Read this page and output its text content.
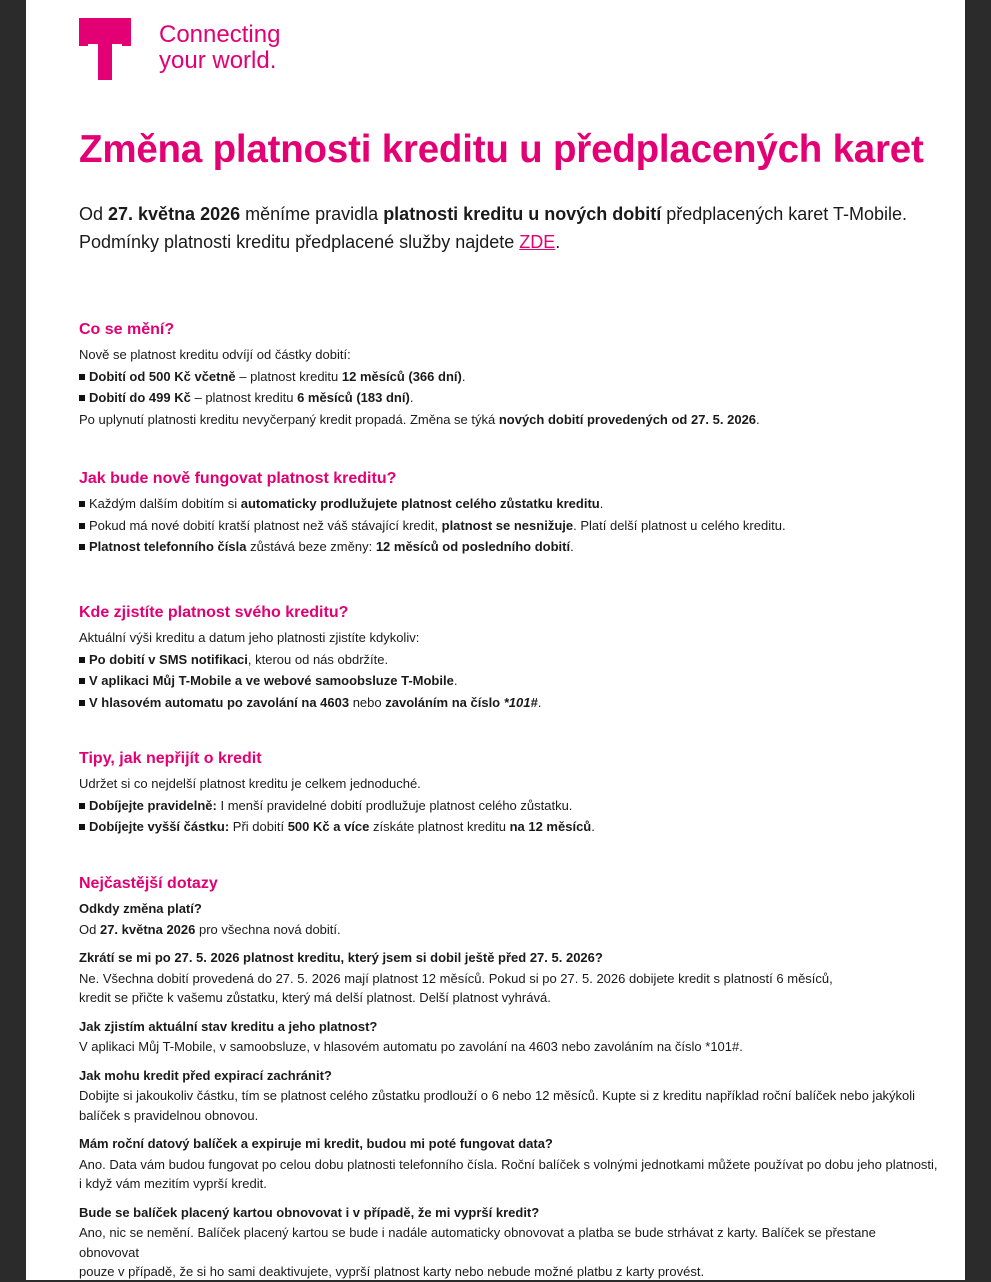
Connecting
your world.
Změna platnosti kreditu u předplacených karet
Od 27. května 2026 měníme pravidla platnosti kreditu u nových dobití předplacených karet T-Mobile.
Podmínky platnosti kreditu předplacené služby najdete ZDE.
Co se mění?

Nově se platnost kreditu odvíjí od částky dobití:

Dobití od 500 Kč včetně – platnost kreditu 12 měsíců (366 dní).
Dobití do 499 Kč – platnost kreditu 6 měsíců (183 dní).

Po uplynutí platnosti kreditu nevyčerpaný kredit propadá. Změna se týká nových dobití provedených od 27. 5. 2026.

Jak bude nově fungovat platnost kreditu?
Každým dalším dobitím si automaticky prodlužujete platnost celého zůstatku kreditu.
Pokud má nové dobití kratší platnost než váš stávající kredit, platnost se nesnižuje. Platí delší platnost u celého kreditu.
Platnost telefonního čísla zůstává beze změny: 12 měsíců od posledního dobití.
Kde zjistíte platnost svého kreditu?

Aktuální výši kreditu a datum jeho platnosti zjistíte kdykoliv:

Po dobití v SMS notifikaci, kterou od nás obdržíte.
V aplikaci Můj T-Mobile a ve webové samoobsluze T-Mobile.
V hlasovém automatu po zavolání na 4603 nebo zavoláním na číslo *101#.
Tipy, jak nepřijít o kredit

Udržet si co nejdelší platnost kreditu je celkem jednoduché.

Dobíjejte pravidelně: I menší pravidelné dobití prodlužuje platnost celého zůstatku.
Dobíjejte vyšší částku: Při dobití 500 Kč a více získáte platnost kreditu na 12 měsíců.
Nejčastější dotazy
Odkdy změna platí?
Od 27. května 2026 pro všechna nová dobití.
Zkrátí se mi po 27. 5. 2026 platnost kreditu, který jsem si dobil ještě před 27. 5. 2026?
Ne. Všechna dobití provedená do 27. 5. 2026 mají platnost 12 měsíců. Pokud si po 27. 5. 2026 dobijete kredit s platností 6 měsíců,
kredit se přičte k vašemu zůstatku, který má delší platnost. Delší platnost vyhrává.
Jak zjistím aktuální stav kreditu a jeho platnost?
V aplikaci Můj T-Mobile, v samoobsluze, v hlasovém automatu po zavolání na 4603 nebo zavoláním na číslo *101#.
Jak mohu kredit před expirací zachránit?
Dobijte si jakoukoliv částku, tím se platnost celého zůstatku prodlouží o 6 nebo 12 měsíců. Kupte si z kreditu například roční balíček nebo jakýkoli
balíček s pravidelnou obnovou.
Mám roční datový balíček a expiruje mi kredit, budou mi poté fungovat data?
Ano. Data vám budou fungovat po celou dobu platnosti telefonního čísla. Roční balíček s volnými jednotkami můžete používat po dobu jeho platnosti,
i když vám mezitím vyprší kredit.
Bude se balíček placený kartou obnovovat i v případě, že mi vyprší kredit?
Ano, nic se nemění. Balíček placený kartou se bude i nadále automaticky obnovovat a platba se bude strhávat z karty. Balíček se přestane obnovovat
pouze v případě, že si ho sami deaktivujete, vyprší platnost karty nebo nebude možné platbu z karty provést.
